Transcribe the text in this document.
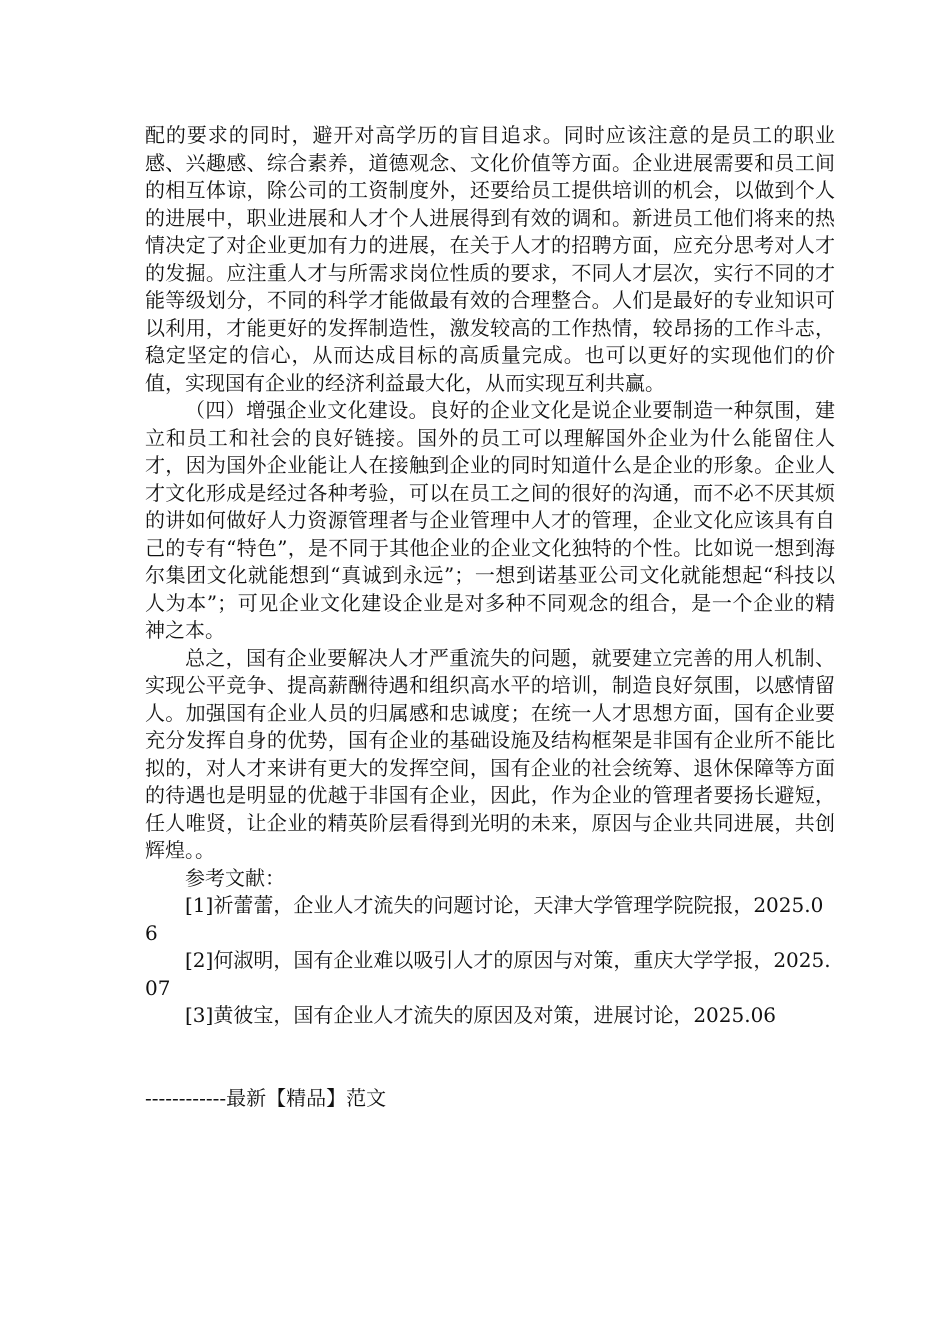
配的要求的同时，避开对高学历的盲目追求。同时应该注意的是员工的职业感、兴趣感、综合素养，道德观念、文化价值等方面。企业进展需要和员工间的相互体谅，除公司的工资制度外，还要给员工提供培训的机会，以做到个人的进展中，职业进展和人才个人进展得到有效的调和。新进员工他们将来的热情决定了对企业更加有力的进展，在关于人才的招聘方面，应充分思考对人才的发掘。应注重人才与所需求岗位性质的要求，不同人才层次，实行不同的才能等级划分，不同的科学才能做最有效的合理整合。人们是最好的专业知识可以利用，才能更好的发挥制造性，激发较高的工作热情，较昂扬的工作斗志，稳定坚定的信心，从而达成目标的高质量完成。也可以更好的实现他们的价值，实现国有企业的经济利益最大化，从而实现互利共赢。

（四）增强企业文化建设。良好的企业文化是说企业要制造一种氛围，建立和员工和社会的良好链接。国外的员工可以理解国外企业为什么能留住人才，因为国外企业能让人在接触到企业的同时知道什么是企业的形象。企业人才文化形成是经过各种考验，可以在员工之间的很好的沟通，而不必不厌其烦的讲如何做好人力资源管理者与企业管理中人才的管理，企业文化应该具有自己的专有“特色”，是不同于其他企业的企业文化独特的个性。比如说一想到海尔集团文化就能想到“真诚到永远”；一想到诺基亚公司文化就能想起“科技以人为本”；可见企业文化建设企业是对多种不同观念的组合，是一个企业的精神之本。

总之，国有企业要解决人才严重流失的问题，就要建立完善的用人机制、实现公平竞争、提高薪酬待遇和组织高水平的培训，制造良好氛围，以感情留人。加强国有企业人员的归属感和忠诚度；在统一人才思想方面，国有企业要充分发挥自身的优势，国有企业的基础设施及结构框架是非国有企业所不能比拟的，对人才来讲有更大的发挥空间，国有企业的社会统筹、退休保障等方面的待遇也是明显的优越于非国有企业，因此，作为企业的管理者要扬长避短，任人唯贤，让企业的精英阶层看得到光明的未来，原因与企业共同进展，共创辉煌。。

参考文献：

[1]祈蕾蕾，企业人才流失的问题讨论，天津大学管理学院院报，2025.06

[2]何淑明，国有企业难以吸引人才的原因与对策，重庆大学学报，2025.07

[3]黄彼宝，国有企业人才流失的原因及对策，进展讨论，2025.06

------------最新【精品】范文
